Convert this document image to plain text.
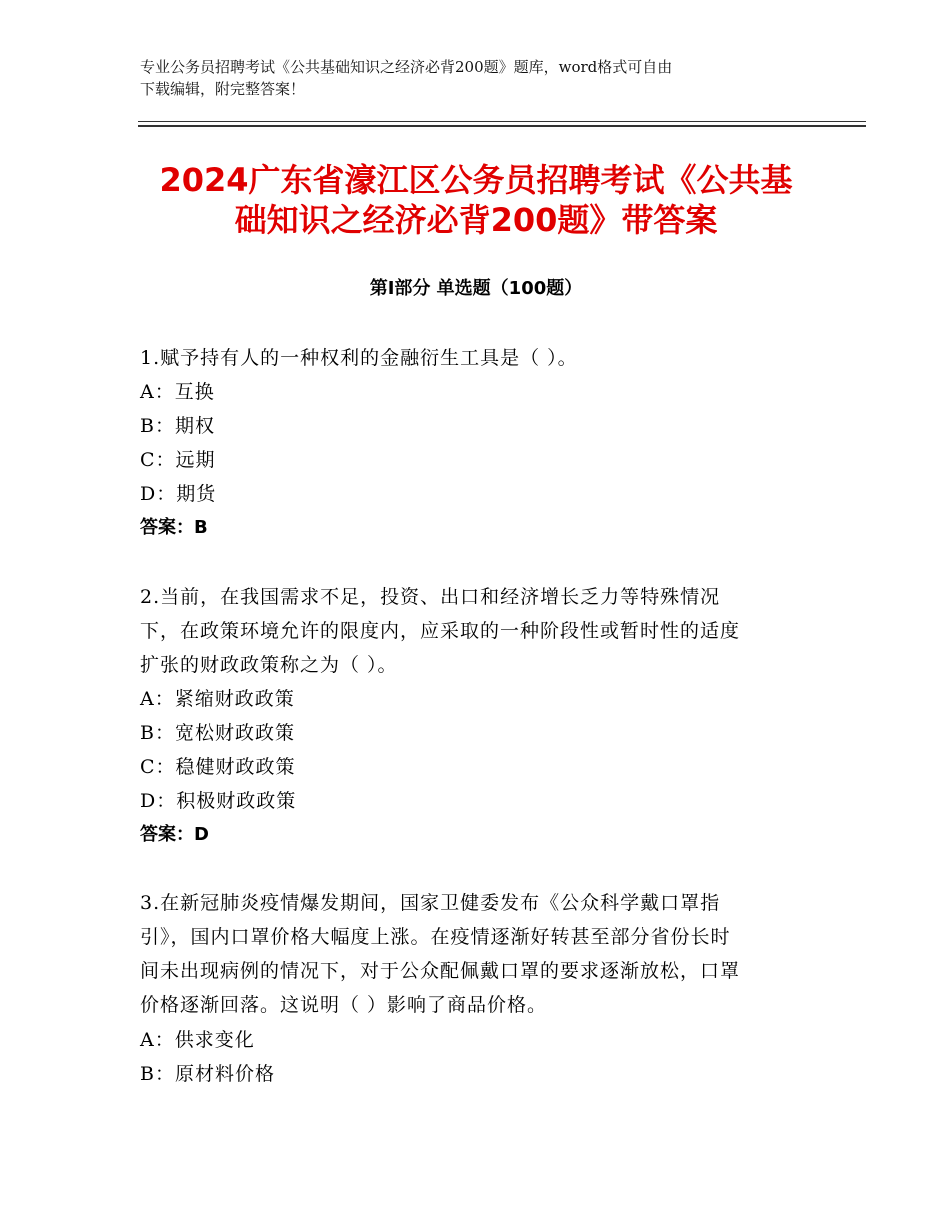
专业公务员招聘考试《公共基础知识之经济必背200题》题库，word格式可自由
下载编辑，附完整答案！
2024广东省濠江区公务员招聘考试《公共基
础知识之经济必背200题》带答案
第Ⅰ部分 单选题（100题）
1.赋予持有人的一种权利的金融衍生工具是（ ）。
A：互换
B：期权
C：远期
D：期货
答案：B
2.当前，在我国需求不足，投资、出口和经济增长乏力等特殊情况
下，在政策环境允许的限度内，应采取的一种阶段性或暂时性的适度
扩张的财政政策称之为（ ）。
A：紧缩财政政策
B：宽松财政政策
C：稳健财政政策
D：积极财政政策
答案：D
3.在新冠肺炎疫情爆发期间，国家卫健委发布《公众科学戴口罩指
引》，国内口罩价格大幅度上涨。在疫情逐渐好转甚至部分省份长时
间未出现病例的情况下，对于公众配佩戴口罩的要求逐渐放松，口罩
价格逐渐回落。这说明（ ）影响了商品价格。
A：供求变化
B：原材料价格
